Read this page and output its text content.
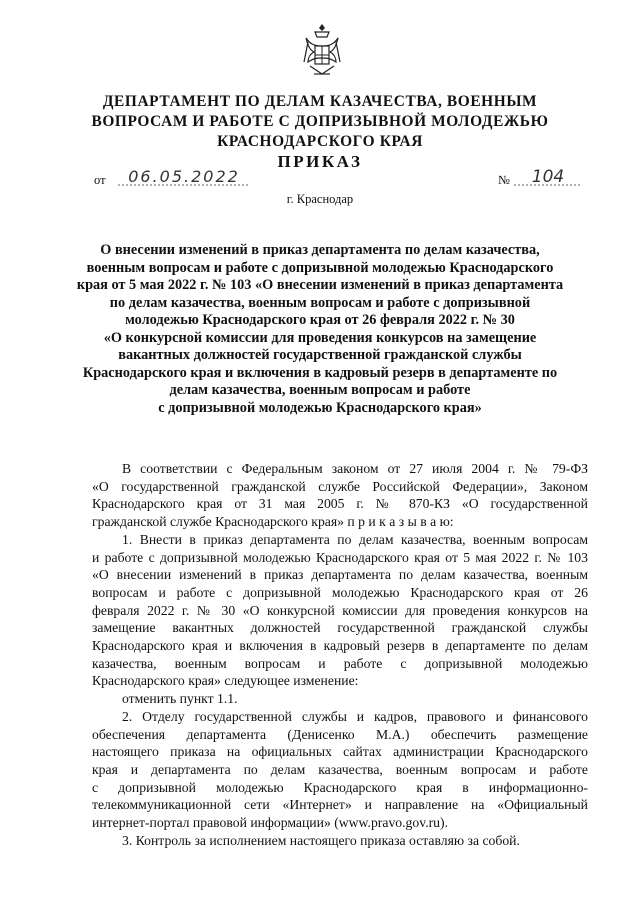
ДЕПАРТАМЕНТ ПО ДЕЛАМ КАЗАЧЕСТВА, ВОЕННЫМ
ВОПРОСАМ И РАБОТЕ С ДОПРИЗЫВНОЙ МОЛОДЕЖЬЮ
КРАСНОДАРСКОГО КРАЯ
ПРИКАЗ
от 06.05.2022	№ 104
г. Краснодар
О внесении изменений в приказ департамента по делам казачества,
военным вопросам и работе с допризывной молодежью Краснодарского
края от 5 мая 2022 г. № 103 «О внесении изменений в приказ департамента
по делам казачества, военным вопросам и работе с допризывной
молодежью Краснодарского края от 26 февраля 2022 г. № 30
«О конкурсной комиссии для проведения конкурсов на замещение
вакантных должностей государственной гражданской службы
Краснодарского края и включения в кадровый резерв в департаменте по
делам казачества, военным вопросам и работе
с допризывной молодежью Краснодарского края»
В соответствии с Федеральным законом от 27 июля 2004 г. № 79-ФЗ
«О государственной гражданской службе Российской Федерации», Законом
Краснодарского края от 31 мая 2005 г. № 870-КЗ «О государственной
гражданской службе Краснодарского края» п р и к а з ы в а ю:
1. Внести в приказ департамента по делам казачества, военным вопросам
и работе с допризывной молодежью Краснодарского края от 5 мая 2022 г. № 103
«О внесении изменений в приказ департамента по делам казачества, военным
вопросам и работе с допризывной молодежью Краснодарского края от 26
февраля 2022 г. № 30 «О конкурсной комиссии для проведения конкурсов на
замещение вакантных должностей государственной гражданской службы
Краснодарского края и включения в кадровый резерв в департаменте по делам
казачества, военным вопросам и работе с допризывной молодежью
Краснодарского края» следующее изменение:
отменить пункт 1.1.
2. Отделу государственной службы и кадров, правового и финансового
обеспечения департамента (Денисенко М.А.) обеспечить размещение
настоящего приказа на официальных сайтах администрации Краснодарского
края и департамента по делам казачества, военным вопросам и работе
с допризывной молодежью Краснодарского края в информационно-
телекоммуникационной сети «Интернет» и направление на «Официальный
интернет-портал правовой информации» (www.pravo.gov.ru).
3. Контроль за исполнением настоящего приказа оставляю за собой.
